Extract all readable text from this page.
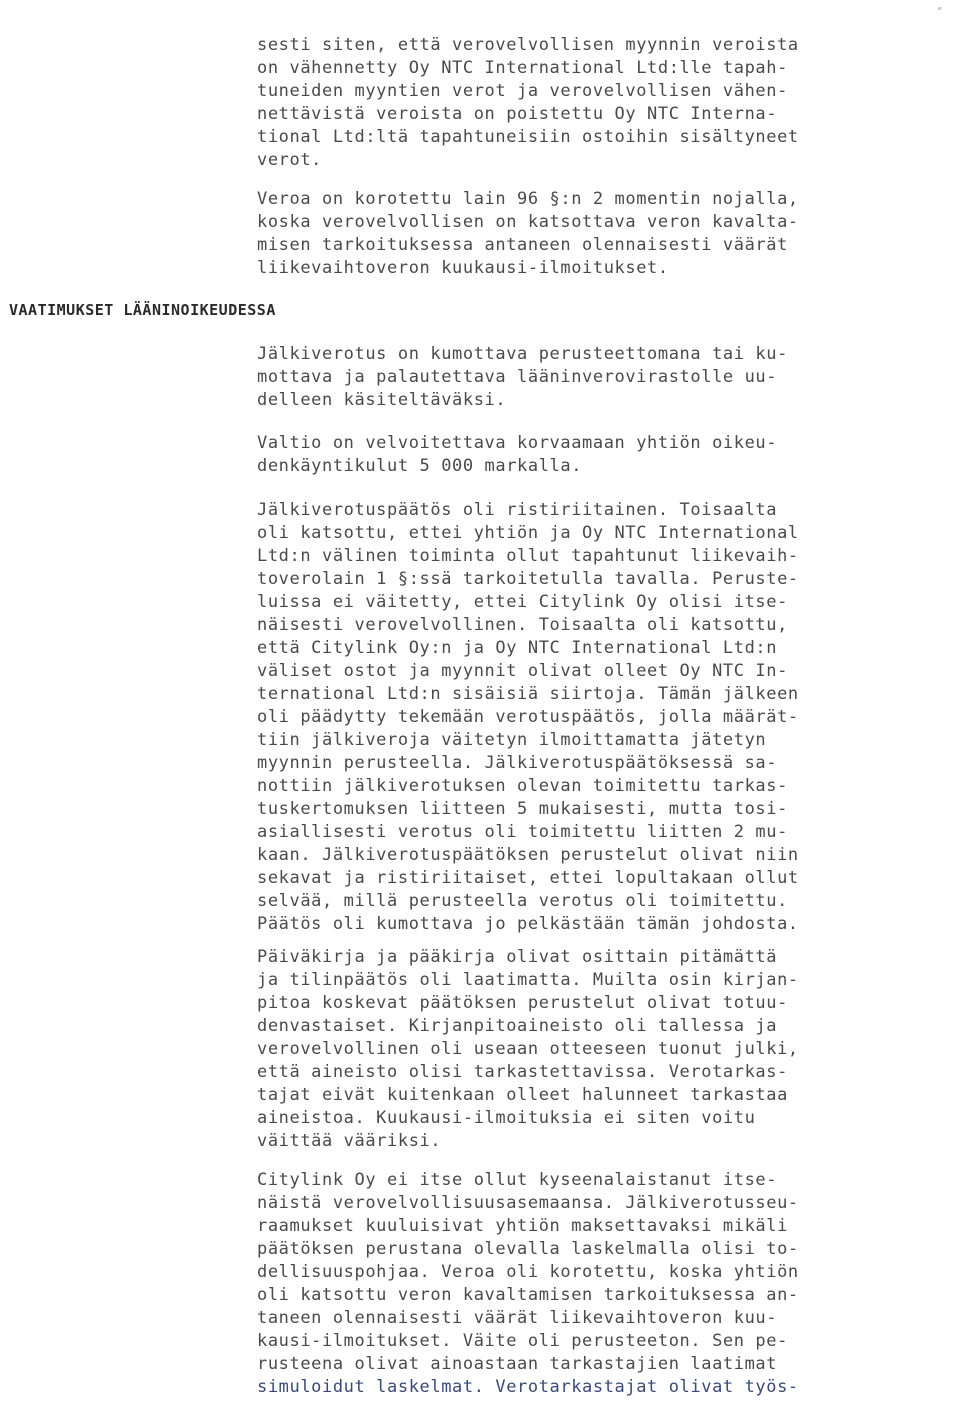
ₑ
sesti siten, että verovelvollisen myynnin veroista
on vähennetty Oy NTC International Ltd:lle tapah-
tuneiden myyntien verot ja verovelvollisen vähen-
nettävistä veroista on poistettu Oy NTC Interna-
tional Ltd:ltä tapahtuneisiin ostoihin sisältyneet
verot.
Veroa on korotettu lain 96 §:n 2 momentin nojalla,
koska verovelvollisen on katsottava veron kavalta-
misen tarkoituksessa antaneen olennaisesti väärät
liikevaihtoveron kuukausi-ilmoitukset.
VAATIMUKSET LÄÄNINOIKEUDESSA
Jälkiverotus on kumottava perusteettomana tai ku-
mottava ja palautettava lääninverovirastolle uu-
delleen käsiteltäväksi.
Valtio on velvoitettava korvaamaan yhtiön oikeu-
denkäyntikulut 5 000 markalla.
Jälkiverotuspäätös oli ristiriitainen. Toisaalta
oli katsottu, ettei yhtiön ja Oy NTC International
Ltd:n välinen toiminta ollut tapahtunut liikevaih-
toverolain 1 §:ssä tarkoitetulla tavalla. Peruste-
luissa ei väitetty, ettei Citylink Oy olisi itse-
näisesti verovelvollinen. Toisaalta oli katsottu,
että Citylink Oy:n ja Oy NTC International Ltd:n
väliset ostot ja myynnit olivat olleet Oy NTC In-
ternational Ltd:n sisäisiä siirtoja. Tämän jälkeen
oli päädytty tekemään verotuspäätös, jolla määrät-
tiin jälkiveroja väitetyn ilmoittamatta jätetyn
myynnin perusteella. Jälkiverotuspäätöksessä sa-
nottiin jälkiverotuksen olevan toimitettu tarkas-
tuskertomuksen liitteen 5 mukaisesti, mutta tosi-
asiallisesti verotus oli toimitettu liitten 2 mu-
kaan. Jälkiverotuspäätöksen perustelut olivat niin
sekavat ja ristiriitaiset, ettei lopultakaan ollut
selvää, millä perusteella verotus oli toimitettu.
Päätös oli kumottava jo pelkästään tämän johdosta.
Päiväkirja ja pääkirja olivat osittain pitämättä
ja tilinpäätös oli laatimatta. Muilta osin kirjan-
pitoa koskevat päätöksen perustelut olivat totuu-
denvastaiset. Kirjanpitoaineisto oli tallessa ja
verovelvollinen oli useaan otteeseen tuonut julki,
että aineisto olisi tarkastettavissa. Verotarkas-
tajat eivät kuitenkaan olleet halunneet tarkastaa
aineistoa. Kuukausi-ilmoituksia ei siten voitu
väittää vääriksi.
Citylink Oy ei itse ollut kyseenalaistanut itse-
näistä verovelvollisuusasemaansa. Jälkiverotusseu-
raamukset kuuluisivat yhtiön maksettavaksi mikäli
päätöksen perustana olevalla laskelmalla olisi to-
dellisuuspohjaa. Veroa oli korotettu, koska yhtiön
oli katsottu veron kavaltamisen tarkoituksessa an-
taneen olennaisesti väärät liikevaihtoveron kuu-
kausi-ilmoitukset. Väite oli perusteeton. Sen pe-
rusteena olivat ainoastaan tarkastajien laatimat
simuloidut laskelmat. Verotarkastajat olivat työs-
